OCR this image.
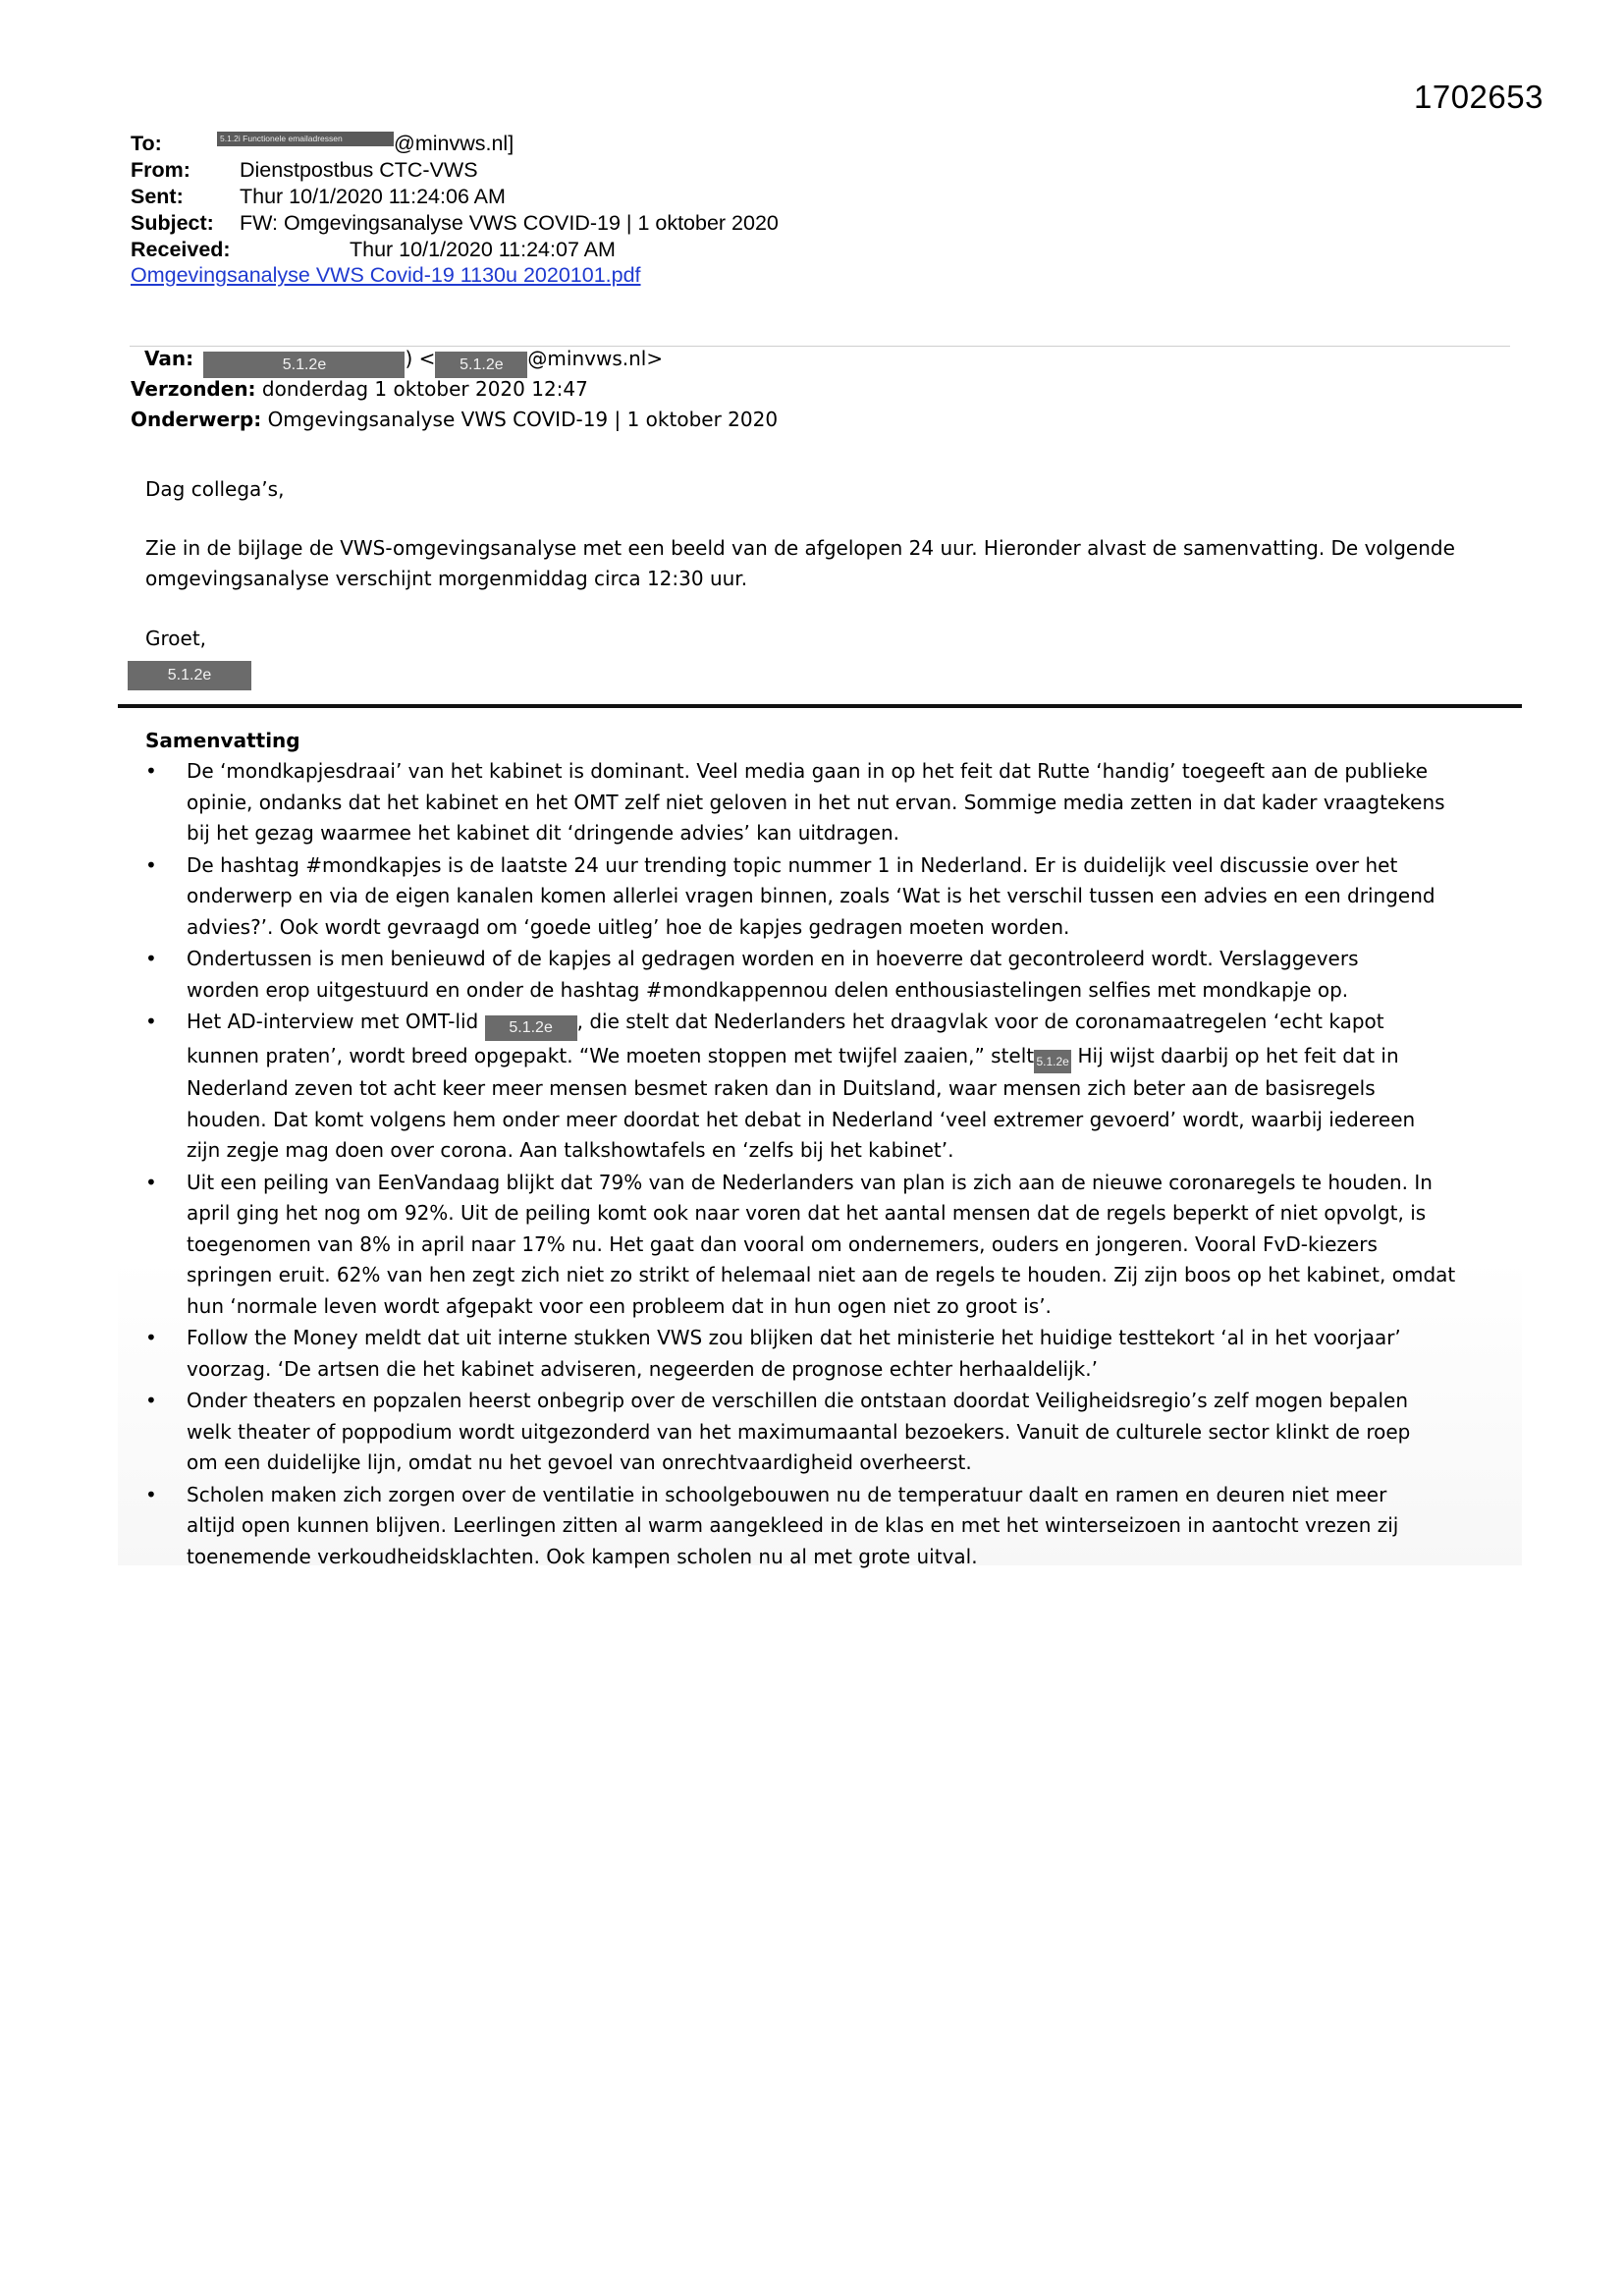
1702653
To:	5.1.2i Functionele emailadressen @minvws.nl]
From: Dienstpostbus CTC-VWS
Sent:	Thur 10/1/2020 11:24:06 AM
Subject: FW: Omgevingsanalyse VWS COVID-19 | 1 oktober 2020
Received:	Thur 10/1/2020 11:24:07 AM
Omgevingsanalyse VWS Covid-19 1130u 2020101.pdf
Van:	5.1.2e	) < 5.1.2e @minvws.nl>
Verzonden: donderdag 1 oktober 2020 12:47
Onderwerp: Omgevingsanalyse VWS COVID-19 | 1 oktober 2020
Dag collega’s,
Zie in de bijlage de VWS-omgevingsanalyse met een beeld van de afgelopen 24 uur. Hieronder alvast de samenvatting. De volgende
omgevingsanalyse verschijnt morgenmiddag circa 12:30 uur.
Groet,
5.1.2e
Samenvatting
• De ‘mondkapjesdraai’ van het kabinet is dominant. Veel media gaan in op het feit dat Rutte ‘handig’ toegeeft aan de publieke
opinie, ondanks dat het kabinet en het OMT zelf niet geloven in het nut ervan. Sommige media zetten in dat kader vraagtekens
bij het gezag waarmee het kabinet dit ‘dringende advies’ kan uitdragen.
• De hashtag #mondkapjes is de laatste 24 uur trending topic nummer 1 in Nederland. Er is duidelijk veel discussie over het
onderwerp en via de eigen kanalen komen allerlei vragen binnen, zoals ‘Wat is het verschil tussen een advies en een dringend
advies?’. Ook wordt gevraagd om ‘goede uitleg’ hoe de kapjes gedragen moeten worden.
• Ondertussen is men benieuwd of de kapjes al gedragen worden en in hoeverre dat gecontroleerd wordt. Verslaggevers
worden erop uitgestuurd en onder de hashtag #mondkappennou delen enthousiastelingen selfies met mondkapje op.
• Het AD-interview met OMT-lid 5.1.2e , die stelt dat Nederlanders het draagvlak voor de coronamaatregelen ‘echt kapot
kunnen praten’, wordt breed opgepakt. “We moeten stoppen met twijfel zaaien,” stelt 5.1.2e Hij wijst daarbij op het feit dat in
Nederland zeven tot acht keer meer mensen besmet raken dan in Duitsland, waar mensen zich beter aan de basisregels
houden. Dat komt volgens hem onder meer doordat het debat in Nederland ‘veel extremer gevoerd’ wordt, waarbij iedereen
zijn zegje mag doen over corona. Aan talkshowtafels en ‘zelfs bij het kabinet’.
• Uit een peiling van EenVandaag blijkt dat 79% van de Nederlanders van plan is zich aan de nieuwe coronaregels te houden. In
april ging het nog om 92%. Uit de peiling komt ook naar voren dat het aantal mensen dat de regels beperkt of niet opvolgt, is
toegenomen van 8% in april naar 17% nu. Het gaat dan vooral om ondernemers, ouders en jongeren. Vooral FvD-kiezers
springen eruit. 62% van hen zegt zich niet zo strikt of helemaal niet aan de regels te houden. Zij zijn boos op het kabinet, omdat
hun ‘normale leven wordt afgepakt voor een probleem dat in hun ogen niet zo groot is’.
• Follow the Money meldt dat uit interne stukken VWS zou blijken dat het ministerie het huidige testtekort ‘al in het voorjaar’
voorzag. ‘De artsen die het kabinet adviseren, negeerden de prognose echter herhaaldelijk.’
• Onder theaters en popzalen heerst onbegrip over de verschillen die ontstaan doordat Veiligheidsregio’s zelf mogen bepalen
welk theater of poppodium wordt uitgezonderd van het maximumaantal bezoekers. Vanuit de culturele sector klinkt de roep
om een duidelijke lijn, omdat nu het gevoel van onrechtvaardigheid overheerst.
• Scholen maken zich zorgen over de ventilatie in schoolgebouwen nu de temperatuur daalt en ramen en deuren niet meer
altijd open kunnen blijven. Leerlingen zitten al warm aangekleed in de klas en met het winterseizoen in aantocht vrezen zij
toenemende verkoudheidsklachten. Ook kampen scholen nu al met grote uitval.
